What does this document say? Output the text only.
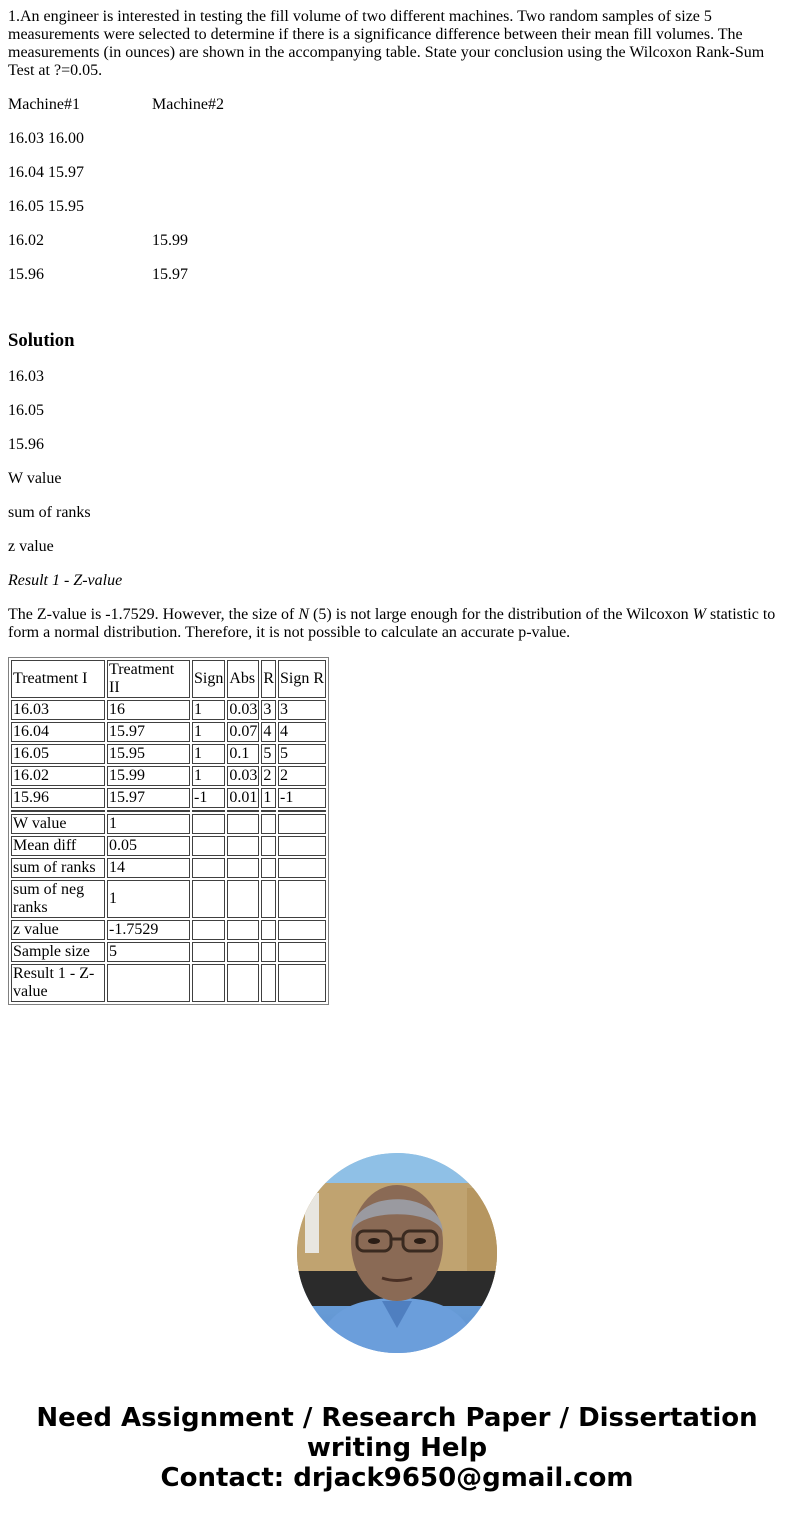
1.An engineer is interested in testing the fill volume of two different machines. Two random samples of size 5 measurements were selected to determine if there is a significance difference between their mean fill volumes. The measurements (in ounces) are shown in the accompanying table. State your conclusion using the Wilcoxon Rank-Sum Test at ?=0.05.

Machine#1	Machine#2

16.03 16.00

16.04 15.97

16.05 15.95

16.02	15.99

15.96	15.97

Solution

16.03

16.05

15.96

W value

sum of ranks

z value

Result 1 - Z-value

The Z-value is -1.7529. However, the size of N (5) is not large enough for the distribution of the Wilcoxon W statistic to form a normal distribution. Therefore, it is not possible to calculate an accurate p-value.

Treatment I	Treatment II	Sign	Abs	R	Sign R
16.03	16	1	0.03	3	3
16.04	15.97	1	0.07	4	4
16.05	15.95	1	0.1	5	5
16.02	15.99	1	0.03	2	2
15.96	15.97	-1	0.01	1	-1

W value	1				
Mean diff	0.05				
sum of ranks	14				
sum of neg ranks	1				
z value	-1.7529				
Sample size	5				
Result 1 - Z-value					
Need Assignment / Research Paper / Dissertation
writing Help
Contact: drjack9650@gmail.com
